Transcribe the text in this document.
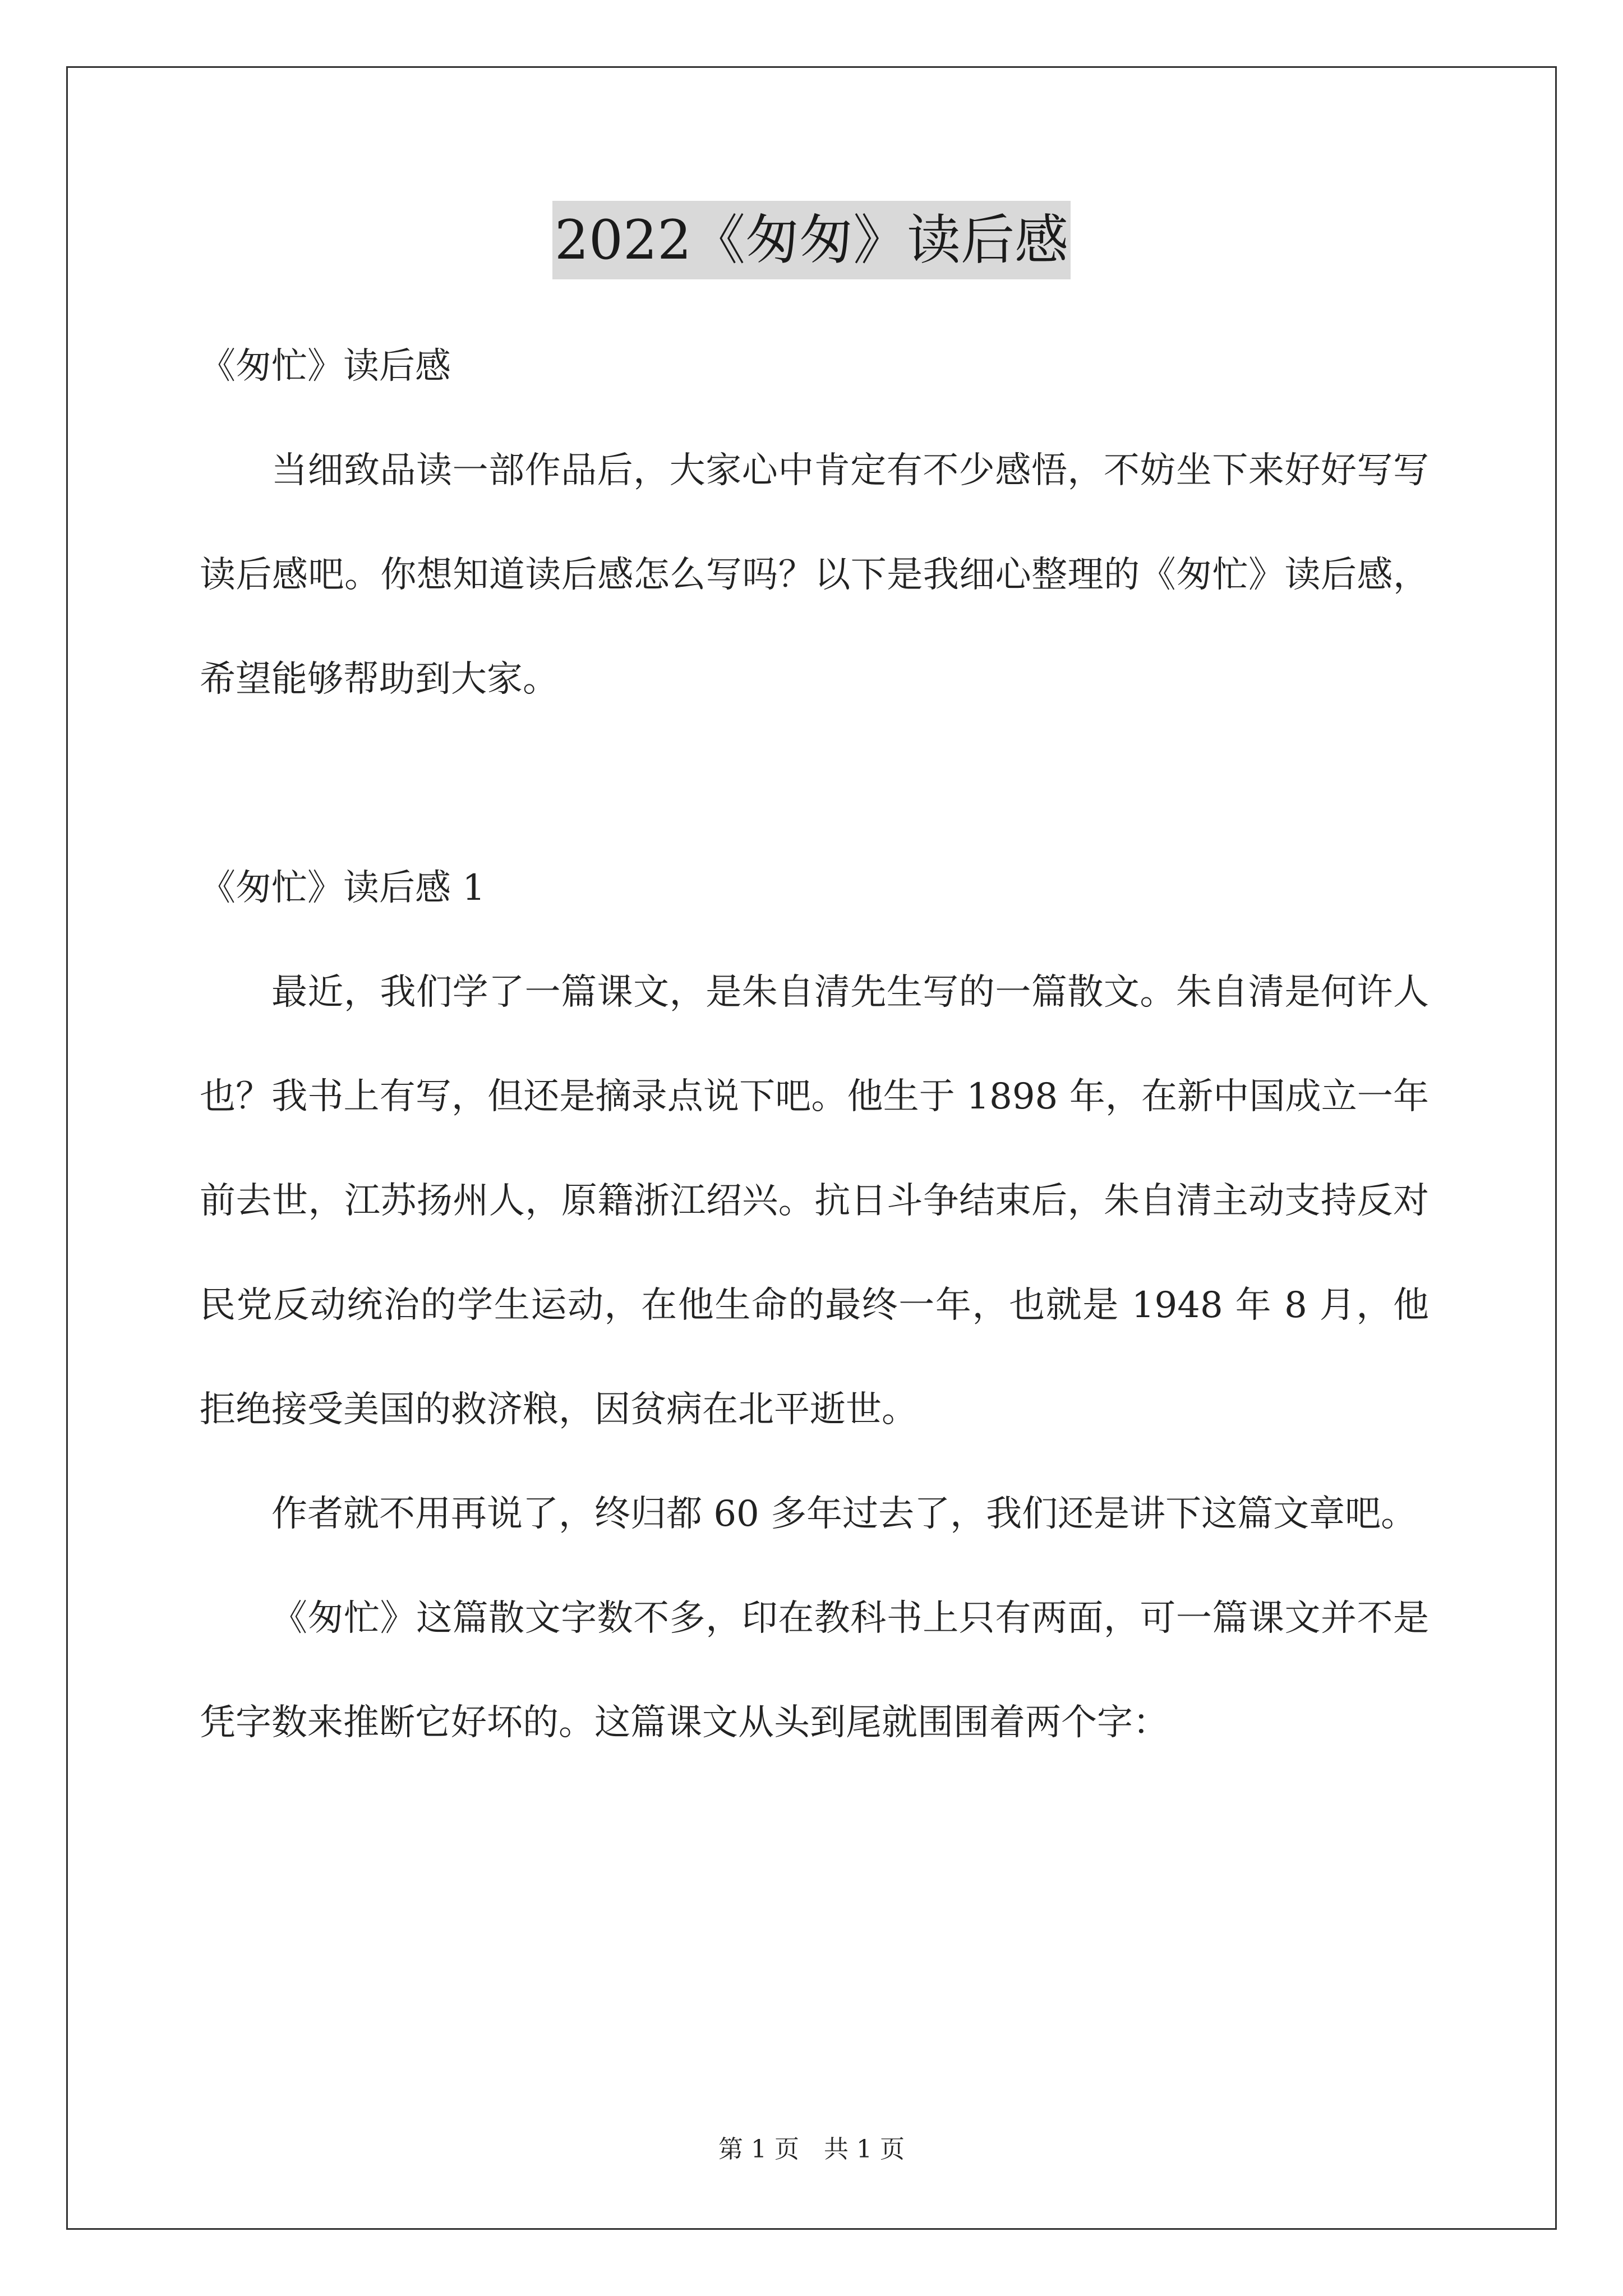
2022《匆匆》读后感

《匆忙》读后感

当细致品读一部作品后，大家心中肯定有不少感悟，不妨坐下来好好写写读后感吧。你想知道读后感怎么写吗？以下是我细心整理的《匆忙》读后感，希望能够帮助到大家。

《匆忙》读后感 1

最近，我们学了一篇课文，是朱自清先生写的一篇散文。朱自清是何许人也？我书上有写，但还是摘录点说下吧。他生于 1898 年，在新中国成立一年前去世，江苏扬州人，原籍浙江绍兴。抗日斗争结束后，朱自清主动支持反对民党反动统治的学生运动，在他生命的最终一年，也就是 1948 年 8 月，他拒绝接受美国的救济粮，因贫病在北平逝世。

作者就不用再说了，终归都 60 多年过去了，我们还是讲下这篇文章吧。

《匆忙》这篇散文字数不多，印在教科书上只有两面，可一篇课文并不是凭字数来推断它好坏的。这篇课文从头到尾就围围着两个字：

第 1 页　共 1 页
